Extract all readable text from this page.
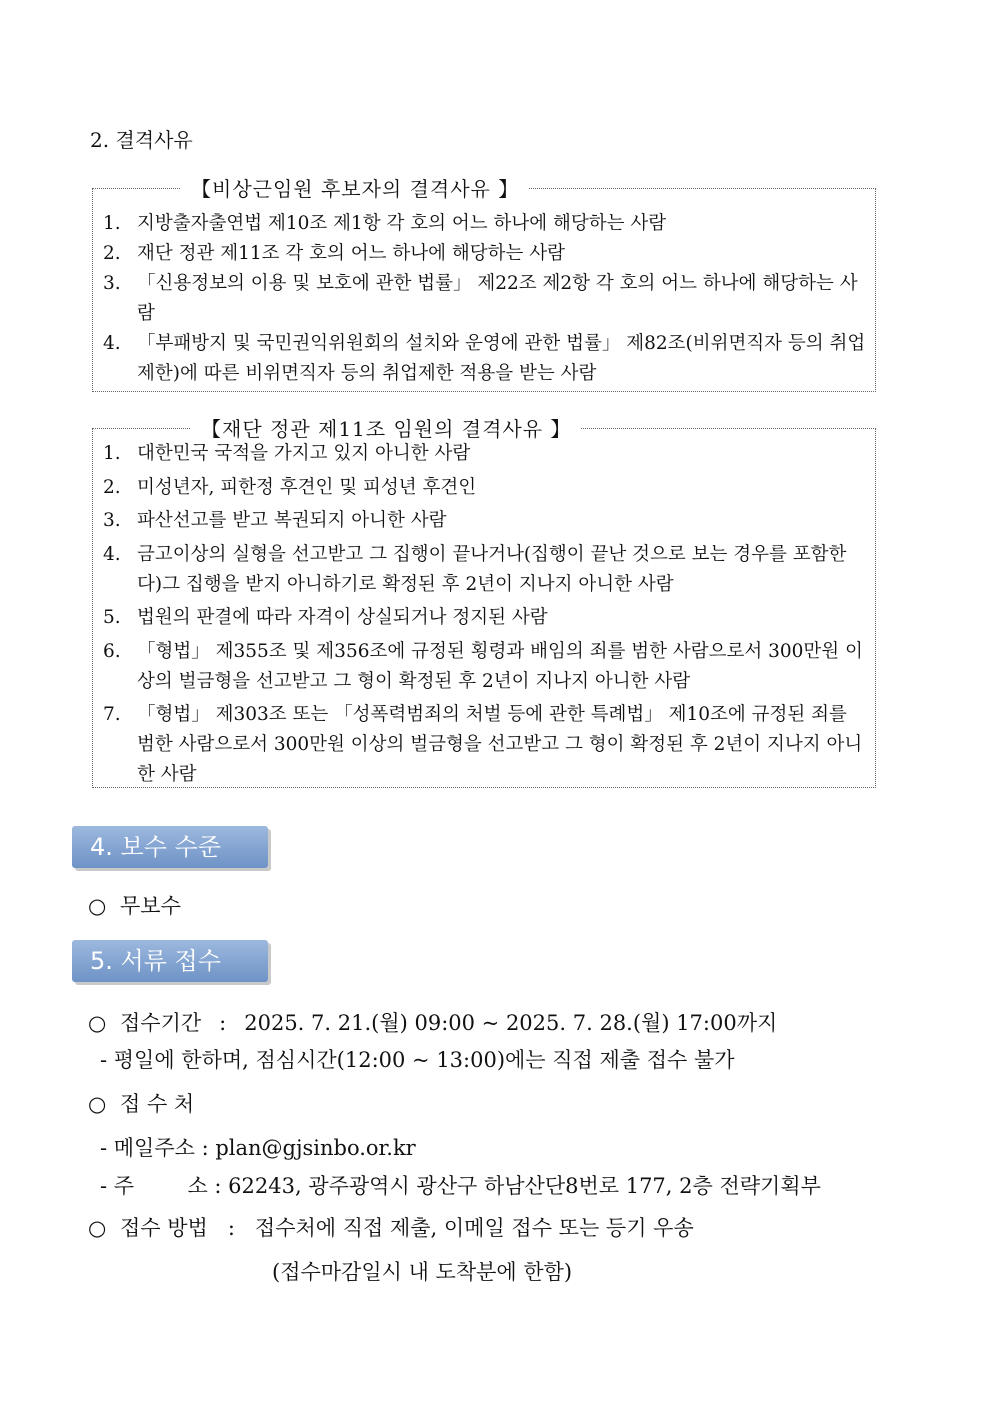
2. 결격사유
【비상근임원 후보자의 결격사유 】
1. 지방출자출연법 제10조 제1항 각 호의 어느 하나에 해당하는 사람
2. 재단 정관 제11조 각 호의 어느 하나에 해당하는 사람
3. 「신용정보의 이용 및 보호에 관한 법률」 제22조 제2항 각 호의 어느 하나에 해당하는 사람
4. 「부패방지 및 국민권익위원회의 설치와 운영에 관한 법률」 제82조(비위면직자 등의 취업제한)에 따른 비위면직자 등의 취업제한 적용을 받는 사람
【재단 정관 제11조 임원의 결격사유 】
1. 대한민국 국적을 가지고 있지 아니한 사람
2. 미성년자, 피한정 후견인 및 피성년 후견인
3. 파산선고를 받고 복권되지 아니한 사람
4. 금고이상의 실형을 선고받고 그 집행이 끝나거나(집행이 끝난 것으로 보는 경우를 포함한다)그 집행을 받지 아니하기로 확정된 후 2년이 지나지 아니한 사람
5. 법원의 판결에 따라 자격이 상실되거나 정지된 사람
6. 「형법」 제355조 및 제356조에 규정된 횡령과 배임의 죄를 범한 사람으로서 300만원 이상의 벌금형을 선고받고 그 형이 확정된 후 2년이 지나지 아니한 사람
7. 「형법」 제303조 또는 「성폭력범죄의 처벌 등에 관한 특례법」 제10조에 규정된 죄를 범한 사람으로서 300만원 이상의 벌금형을 선고받고 그 형이 확정된 후 2년이 지나지 아니한 사람
4. 보수 수준
○ 무보수
5. 서류 접수
○ 접수기간 : 2025. 7. 21.(월) 09:00 ~ 2025. 7. 28.(월) 17:00까지
- 평일에 한하며, 점심시간(12:00 ~ 13:00)에는 직접 제출 접수 불가
○ 접 수 처
- 메일주소 : plan@gjsinbo.or.kr
- 주        소 : 62243, 광주광역시 광산구 하남산단8번로 177, 2층 전략기획부
○ 접수 방법 : 접수처에 직접 제출, 이메일 접수 또는 등기 우송
(접수마감일시 내 도착분에 한함)
